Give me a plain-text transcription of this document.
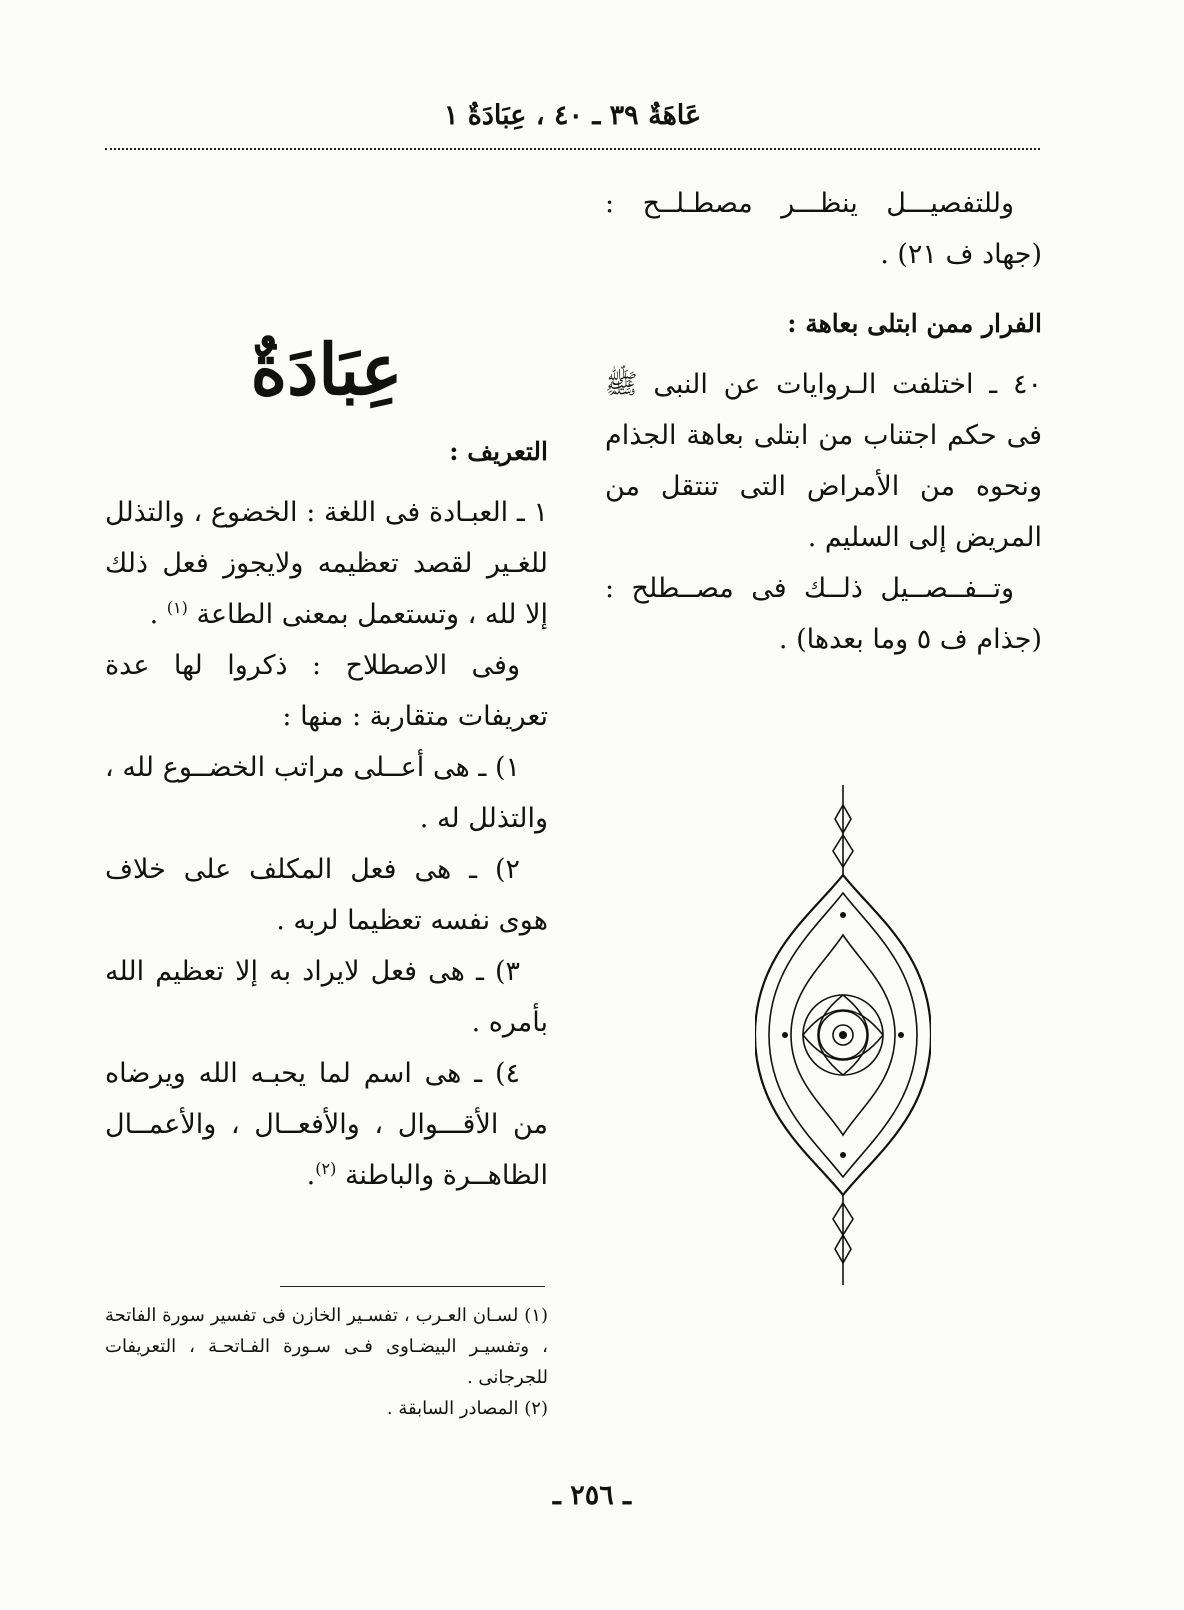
عَاهَةٌ ٣٩ ـ ٤٠ ، عِبَادَةٌ ١

وللتفصيـــل ينظـــر مصطـلــح : (جهاد ف ٢١) .

الفرار ممن ابتلى بعاهة :

٤٠ ـ اختلفت الـروايات عن النبى ﷺ فى حكم اجتناب من ابتلى بعاهة الجذام ونحوه من الأمراض التى تنتقل من المريض إلى السليم .

وتــفــصــيل ذلــك فى مصــطلح : (جذام ف ٥ وما بعدها) .

عِبَادَةٌ

التعريف :

١ ـ العبـادة فى اللغة : الخضوع ، والتذلل للغـير لقصد تعظيمه ولايجوز فعل ذلك إلا لله ، وتستعمل بمعنى الطاعة $^{(١)}$ .

وفى الاصطلاح : ذكروا لها عدة تعريفات متقاربة : منها :

١) ـ هى أعــلى مراتب الخضــوع لله ، والتذلل له .

٢) ـ هى فعل المكلف على خلاف هوى نفسه تعظيما لربه .

٣) ـ هى فعل لايراد به إلا تعظيم الله بأمره .

٤) ـ هى اسم لما يحبـه الله ويرضاه من الأقـــوال ، والأفعــال ، والأعمــال الظاهــرة والباطنة $^{(٢)}$.

(١) لسـان العـرب ، تفسـير الخازن فى تفسير سورة الفاتحة ، وتفسيـر البيضـاوى فـى سـورة الفـاتحـة ، التعريفات للجرجانى .

(٢) المصادر السابقة .

ـ ٢٥٦ ـ
